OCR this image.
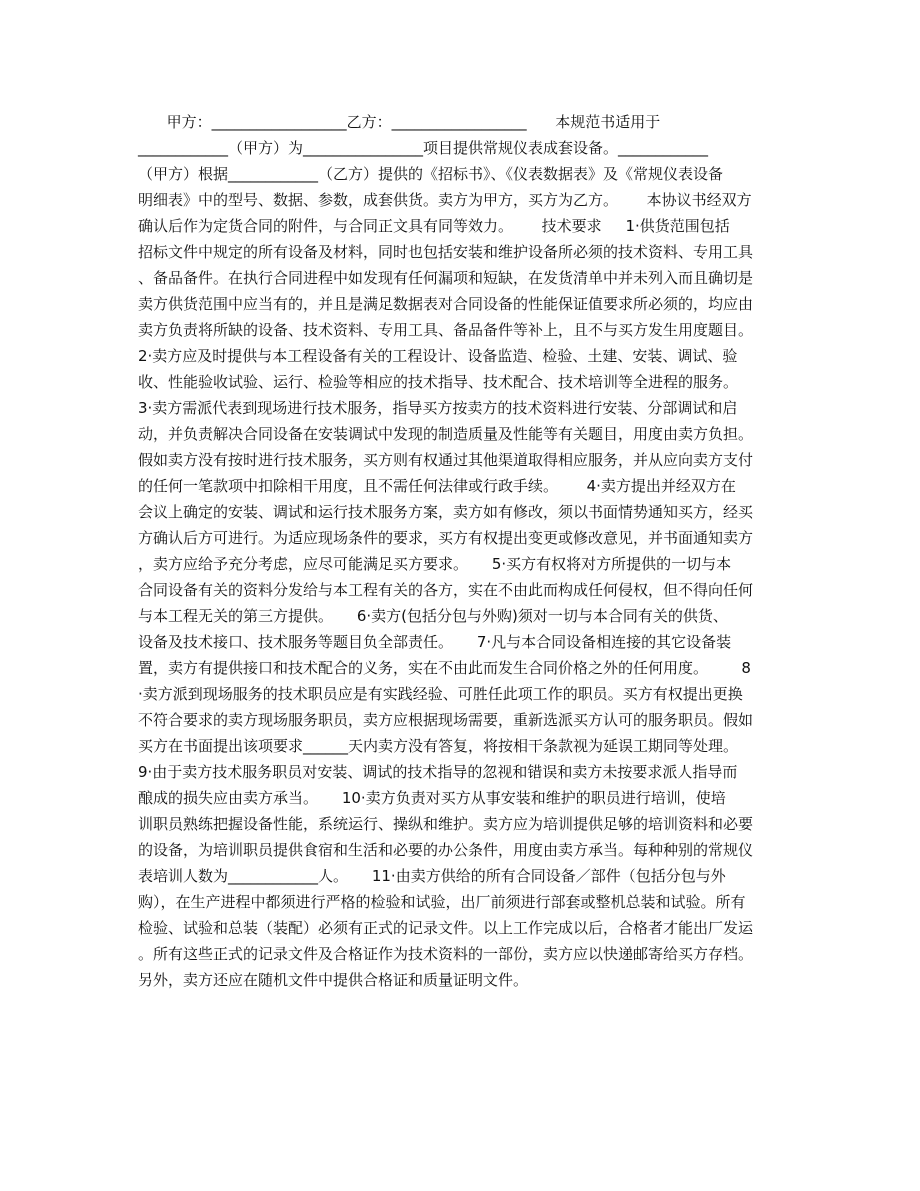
甲方：__________________乙方：__________________      本规范书适用于
____________（甲方）为________________项目提供常规仪表成套设备。____________
（甲方）根据____________（乙方）提供的《招标书》、《仪表数据表》及《常规仪表设备
明细表》中的型号、数据、参数，成套供货。卖方为甲方，买方为乙方。      本协议书经双方
确认后作为定货合同的附件，与合同正文具有同等效力。      技术要求     1·供货范围包括
招标文件中规定的所有设备及材料，同时也包括安装和维护设备所必须的技术资料、专用工具
、备品备件。在执行合同进程中如发现有任何漏项和短缺，在发货清单中并未列入而且确切是
卖方供货范围中应当有的，并且是满足数据表对合同设备的性能保证值要求所必须的，均应由
卖方负责将所缺的设备、技术资料、专用工具、备品备件等补上，且不与买方发生用度题目。
2·卖方应及时提供与本工程设备有关的工程设计、设备监造、检验、土建、安装、调试、验
收、性能验收试验、运行、检验等相应的技术指导、技术配合、技术培训等全进程的服务。
3·卖方需派代表到现场进行技术服务，指导买方按卖方的技术资料进行安装、分部调试和启
动，并负责解决合同设备在安装调试中发现的制造质量及性能等有关题目，用度由卖方负担。
假如卖方没有按时进行技术服务，买方则有权通过其他渠道取得相应服务，并从应向卖方支付
的任何一笔款项中扣除相干用度，且不需任何法律或行政手续。      4·卖方提出并经双方在
会议上确定的安装、调试和运行技术服务方案，卖方如有修改，须以书面情势通知买方，经买
方确认后方可进行。为适应现场条件的要求，买方有权提出变更或修改意见，并书面通知卖方
，卖方应给予充分考虑，应尽可能满足买方要求。     5·买方有权将对方所提供的一切与本
合同设备有关的资料分发给与本工程有关的各方，实在不由此而构成任何侵权，但不得向任何
与本工程无关的第三方提供。     6·卖方(包括分包与外购)须对一切与本合同有关的供货、
设备及技术接口、技术服务等题目负全部责任。     7·凡与本合同设备相连接的其它设备装
置，卖方有提供接口和技术配合的义务，实在不由此而发生合同价格之外的任何用度。       8
·卖方派到现场服务的技术职员应是有实践经验、可胜任此项工作的职员。买方有权提出更换
不符合要求的卖方现场服务职员，卖方应根据现场需要，重新选派买方认可的服务职员。假如
买方在书面提出该项要求______天内卖方没有答复，将按相干条款视为延误工期同等处理。
9·由于卖方技术服务职员对安装、调试的技术指导的忽视和错误和卖方未按要求派人指导而
酿成的损失应由卖方承当。     10·卖方负责对买方从事安装和维护的职员进行培训，使培
训职员熟练把握设备性能，系统运行、操纵和维护。卖方应为培训提供足够的培训资料和必要
的设备，为培训职员提供食宿和生活和必要的办公条件，用度由卖方承当。每种种别的常规仪
表培训人数为____________人。     11·由卖方供给的所有合同设备／部件（包括分包与外
购），在生产进程中都须进行严格的检验和试验，出厂前须进行部套或整机总装和试验。所有
检验、试验和总装（装配）必须有正式的记录文件。以上工作完成以后，合格者才能出厂发运
。所有这些正式的记录文件及合格证作为技术资料的一部份，卖方应以快递邮寄给买方存档。
另外，卖方还应在随机文件中提供合格证和质量证明文件。
